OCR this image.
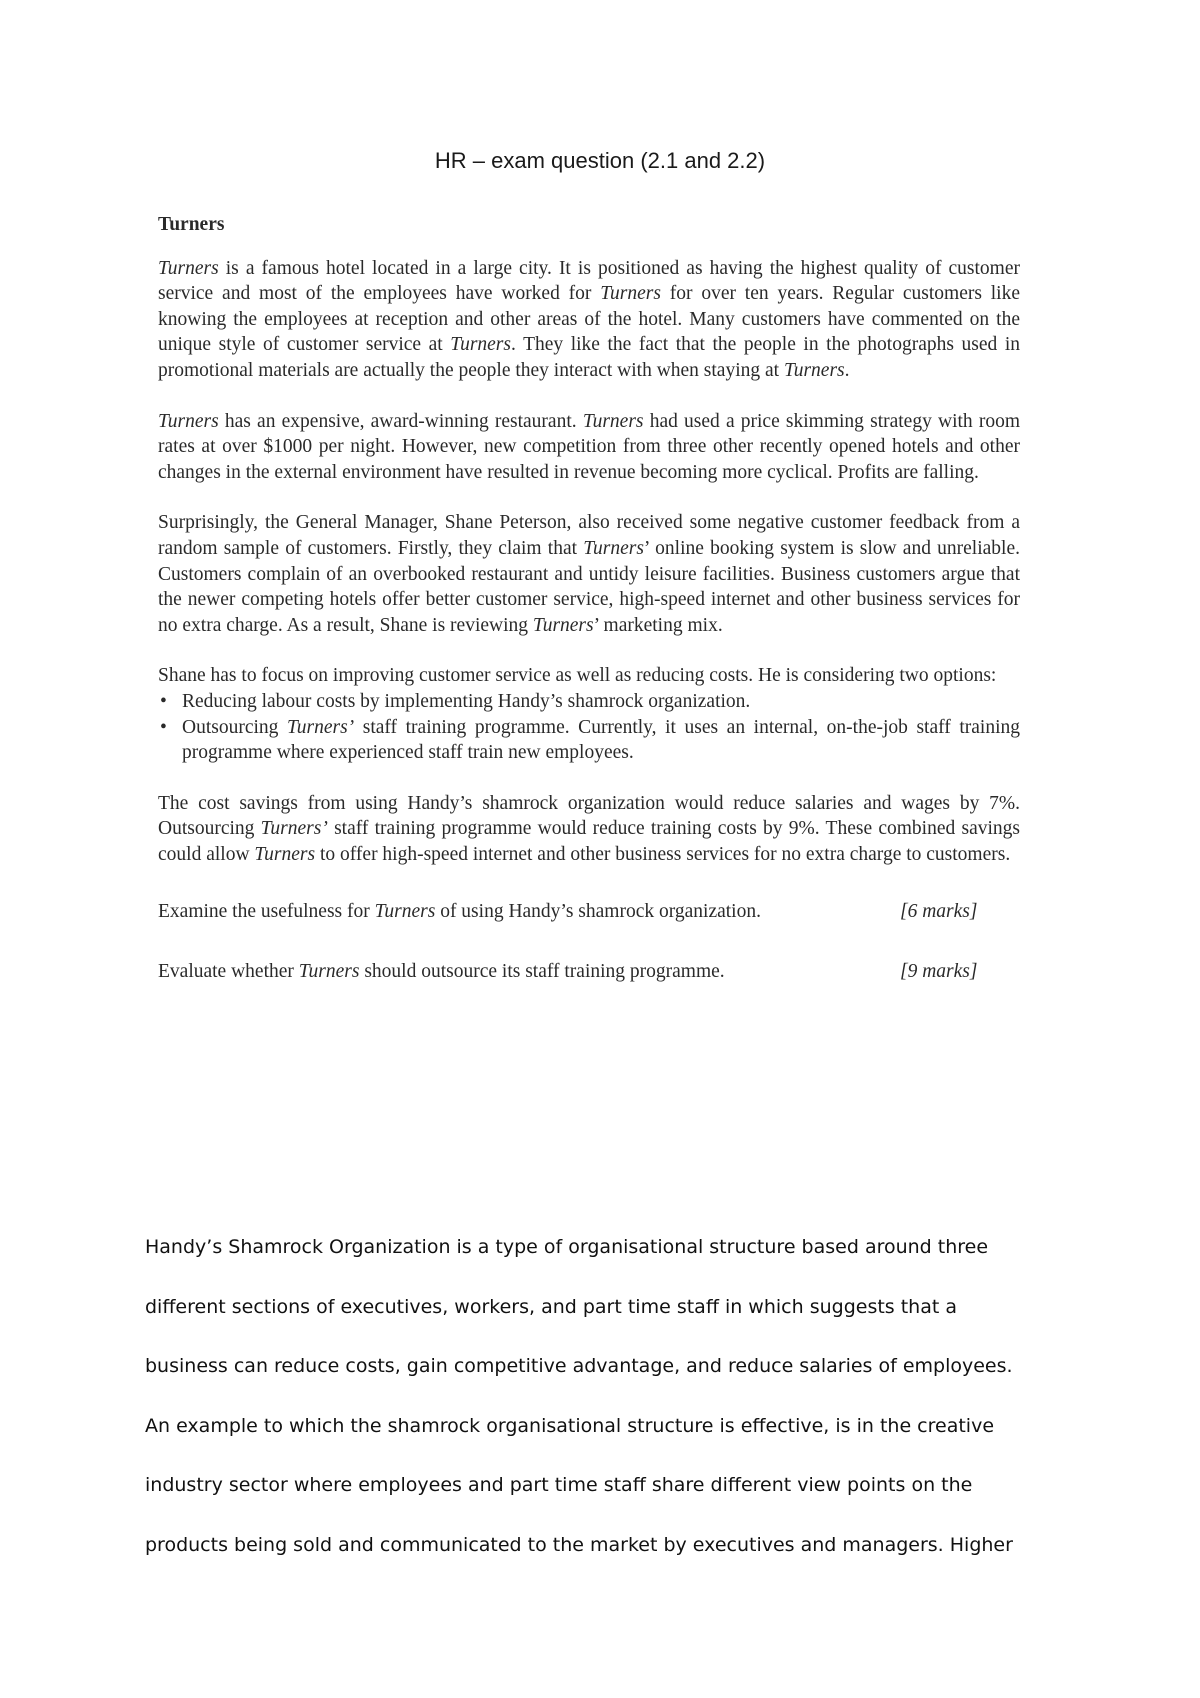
HR – exam question (2.1 and 2.2)
Turners

Turners is a famous hotel located in a large city. It is positioned as having the highest quality of customer service and most of the employees have worked for Turners for over ten years. Regular customers like knowing the employees at reception and other areas of the hotel. Many customers have commented on the unique style of customer service at Turners. They like the fact that the people in the photographs used in promotional materials are actually the people they interact with when staying at Turners.

Turners has an expensive, award-winning restaurant. Turners had used a price skimming strategy with room rates at over $1000 per night. However, new competition from three other recently opened hotels and other changes in the external environment have resulted in revenue becoming more cyclical. Profits are falling.

Surprisingly, the General Manager, Shane Peterson, also received some negative customer feedback from a random sample of customers. Firstly, they claim that Turners’ online booking system is slow and unreliable. Customers complain of an overbooked restaurant and untidy leisure facilities. Business customers argue that the newer competing hotels offer better customer service, high-speed internet and other business services for no extra charge. As a result, Shane is reviewing Turners’ marketing mix.

Shane has to focus on improving customer service as well as reducing costs. He is considering two options:

• Reducing labour costs by implementing Handy’s shamrock organization.
• Outsourcing Turners’ staff training programme. Currently, it uses an internal, on-the-job staff training programme where experienced staff train new employees.

The cost savings from using Handy’s shamrock organization would reduce salaries and wages by 7%. Outsourcing Turners’ staff training programme would reduce training costs by 9%. These combined savings could allow Turners to offer high-speed internet and other business services for no extra charge to customers.

Examine the usefulness for Turners of using Handy’s shamrock organization.	[6 marks]
Evaluate whether Turners should outsource its staff training programme.	[9 marks]
Handy’s Shamrock Organization is a type of organisational structure based around three
different sections of executives, workers, and part time staff in which suggests that a
business can reduce costs, gain competitive advantage, and reduce salaries of employees.
An example to which the shamrock organisational structure is effective, is in the creative
industry sector where employees and part time staff share different view points on the
products being sold and communicated to the market by executives and managers. Higher
